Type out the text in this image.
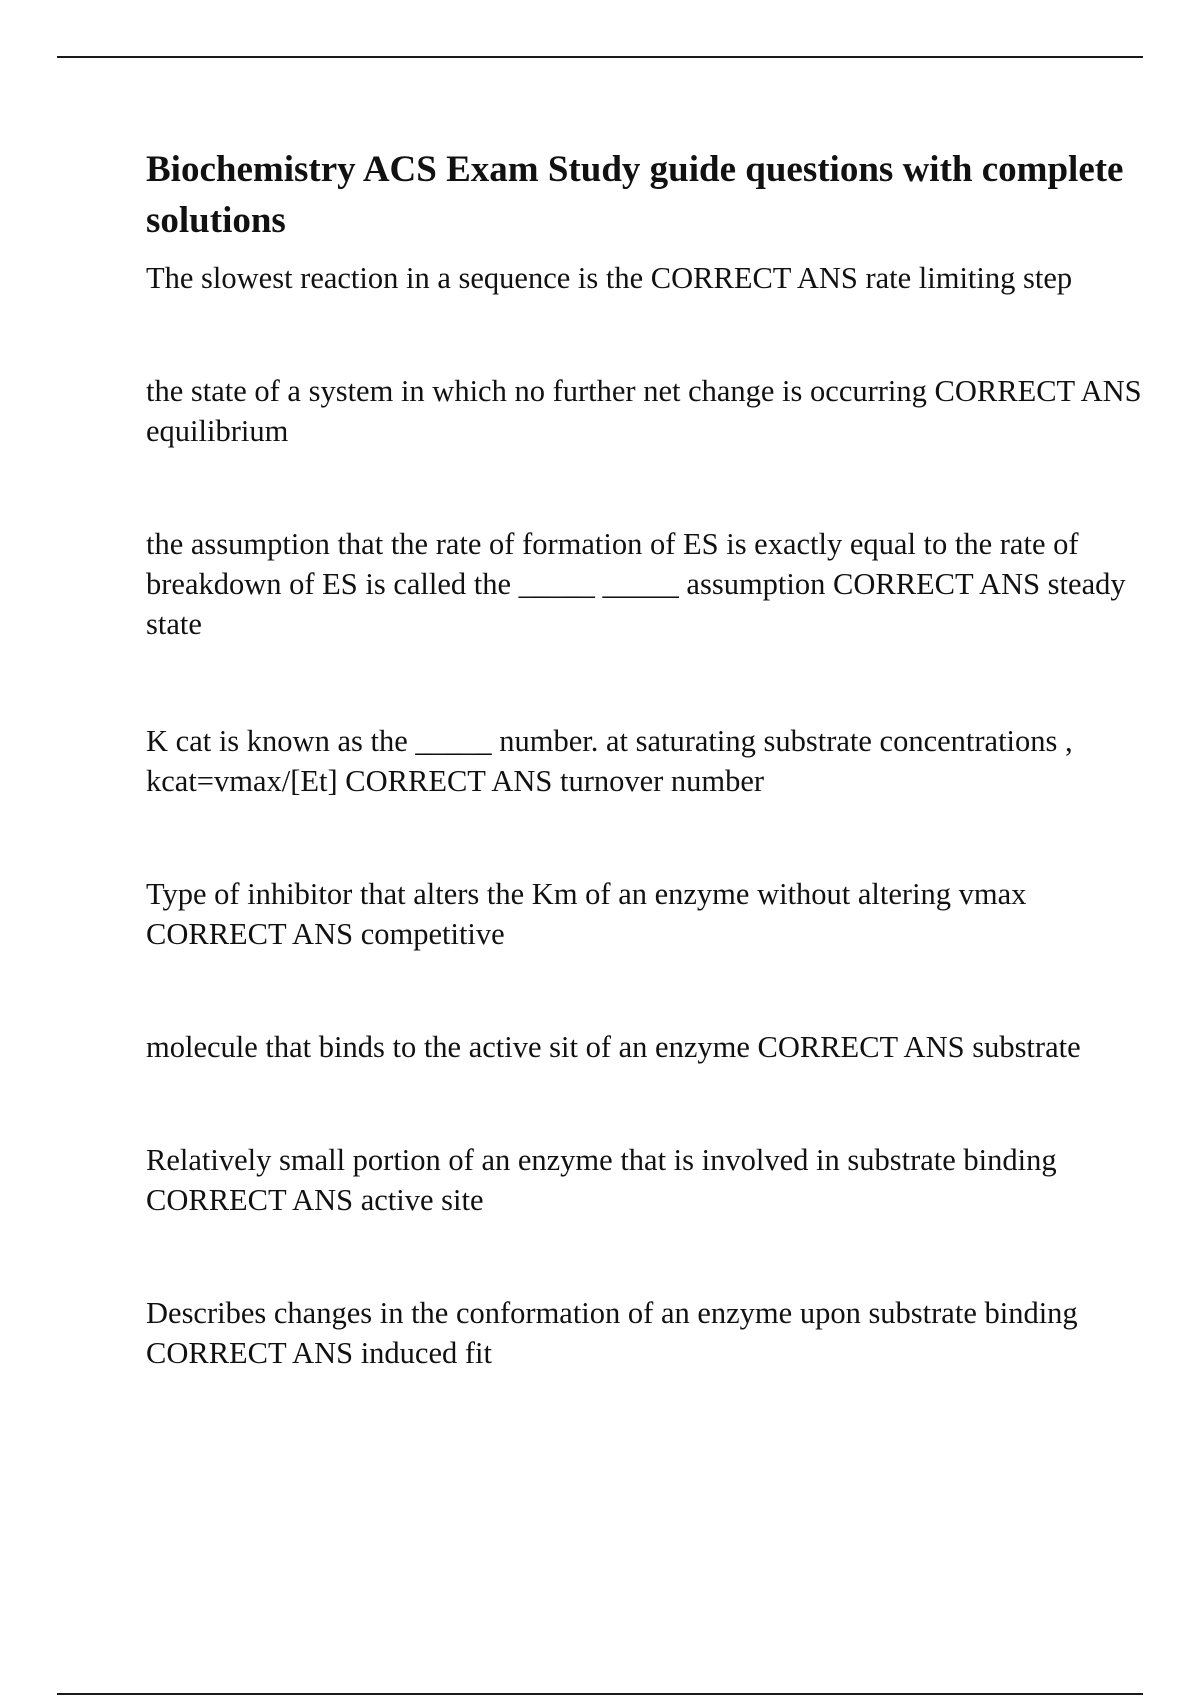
Biochemistry ACS Exam Study guide questions with complete solutions

The slowest reaction in a sequence is the CORRECT ANS rate limiting step

the state of a system in which no further net change is occurring CORRECT ANS equilibrium

the assumption that the rate of formation of ES is exactly equal to the rate of breakdown of ES is called the _____ _____ assumption CORRECT ANS steady state

K cat is known as the _____ number. at saturating substrate concentrations , kcat=vmax/[Et] CORRECT ANS turnover number

Type of inhibitor that alters the Km of an enzyme without altering vmax CORRECT ANS competitive

molecule that binds to the active sit of an enzyme CORRECT ANS substrate

Relatively small portion of an enzyme that is involved in substrate binding CORRECT ANS active site

Describes changes in the conformation of an enzyme upon substrate binding CORRECT ANS induced fit
